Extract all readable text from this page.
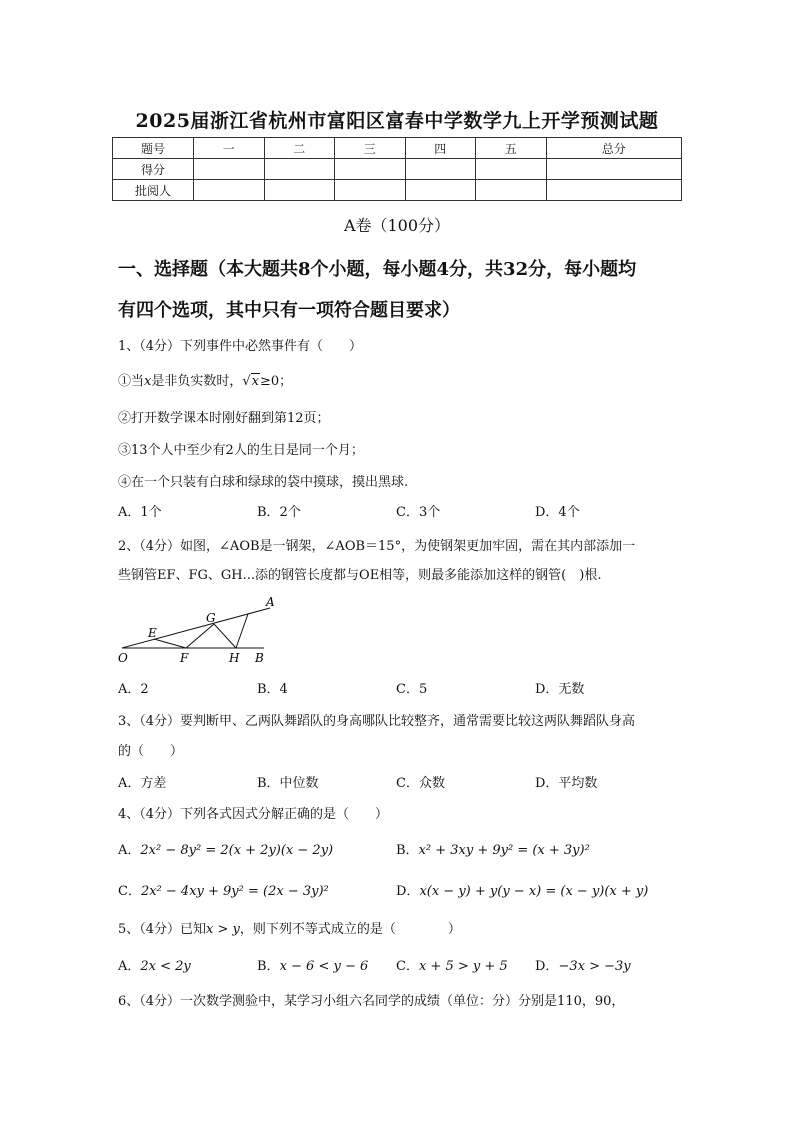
2025届浙江省杭州市富阳区富春中学数学九上开学预测试题
题号	一	二	三	四	五	总分
得分						
批阅人						
A卷（100分）
一、选择题（本大题共8个小题，每小题4分，共32分，每小题均
有四个选项，其中只有一项符合题目要求）
1、（4分）下列事件中必然事件有（　　）
①当x是非负实数时，√x≥0；
②打开数学课本时刚好翻到第12页；
③13个人中至少有2人的生日是同一个月；
④在一个只装有白球和绿球的袋中摸球，摸出黑球.
A．1个	B．2个	C．3个	D．4个
2、（4分）如图，∠AOB是一钢架，∠AOB＝15°，为使钢架更加牢固，需在其内部添加一
些钢管EF、FG、GH...添的钢管长度都与OE相等，则最多能添加这样的钢管(　)根.
O
E
F
G
H
A
B
A．2	B．4	C．5	D．无数
3、（4分）要判断甲、乙两队舞蹈队的身高哪队比较整齐，通常需要比较这两队舞蹈队身高
的（　　）
A．方差	B．中位数	C．众数	D．平均数
4、（4分）下列各式因式分解正确的是（　　）
A．2x² − 8y² = 2(x + 2y)(x − 2y)	B．x² + 3xy + 9y² = (x + 3y)²
C．2x² − 4xy + 9y² = (2x − 3y)²	D．x(x − y) + y(y − x) = (x − y)(x + y)
5、（4分）已知x > y，则下列不等式成立的是（　　　　）
A．2x < 2y	B．x − 6 < y − 6 C．x + 5 > y + 5 D．−3x > −3y
6、（4分）一次数学测验中，某学习小组六名同学的成绩（单位：分）分别是110，90，
